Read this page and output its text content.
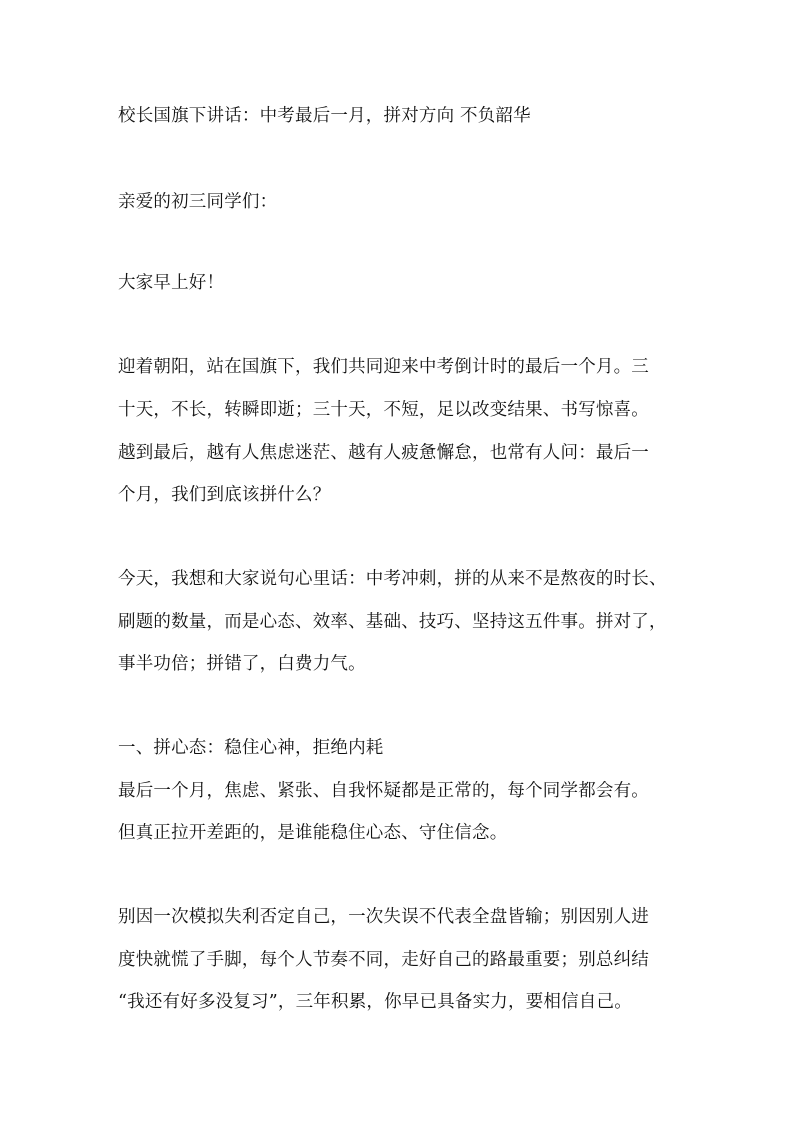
校长国旗下讲话：中考最后一月，拼对方向 不负韶华
亲爱的初三同学们：
大家早上好！
迎着朝阳，站在国旗下，我们共同迎来中考倒计时的最后一个月。三
十天，不长，转瞬即逝；三十天，不短，足以改变结果、书写惊喜。
越到最后，越有人焦虑迷茫、越有人疲惫懈怠，也常有人问：最后一
个月，我们到底该拼什么？
今天，我想和大家说句心里话：中考冲刺，拼的从来不是熬夜的时长、
刷题的数量，而是心态、效率、基础、技巧、坚持这五件事。拼对了，
事半功倍；拼错了，白费力气。
一、拼心态：稳住心神，拒绝内耗
最后一个月，焦虑、紧张、自我怀疑都是正常的，每个同学都会有。
但真正拉开差距的，是谁能稳住心态、守住信念。
别因一次模拟失利否定自己，一次失误不代表全盘皆输；别因别人进
度快就慌了手脚，每个人节奏不同，走好自己的路最重要；别总纠结
“我还有好多没复习”，三年积累，你早已具备实力，要相信自己。
